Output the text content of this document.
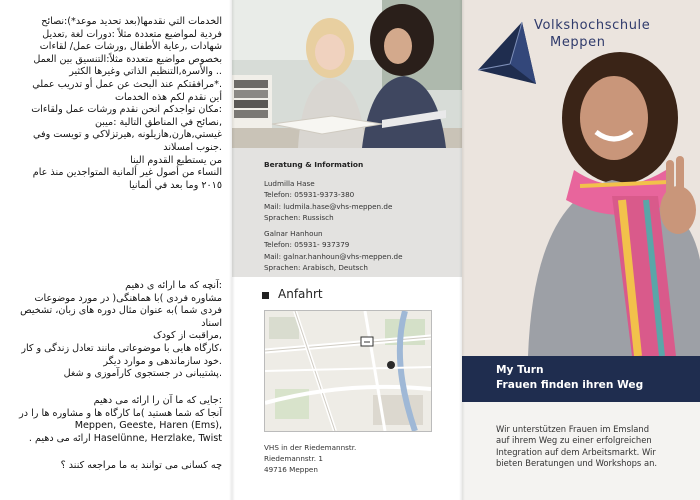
الخدمات التي نقدمها(بعد تحديد موعد*):نصائح
فردية لمواضيع متعددة مثلاً :دورات لغة ,تعديل
شهادات ,رعاية الأطفال ,ورشات عمل/ لقاءات
بخصوص مواضيع متعددة مثلاً:التنسيق بين العمل
.. والأسرة,التنظيم الذاتي وغيرها الكثير
.*مرافقتكم عند البحث عن عمل أو تدريب عملي
أين نقدم لكم هذه الخدمات
:مكان تواجدكم انحن نقدم ورشات عمل ولقاءات
,نصائح في المناطق التالية :ميبن
غيستي,هارن,هازيلونه ,هيرتزلاكي و تويست وفي
.جنوب امسلاند
من يستطيع القدوم الينا
النساء من أصول غير ألمانية المتواجدين منذ عام
٢٠١٥ وما بعد في ألمانيا
:آنچه که ما ارائه ی دهیم
مشاوره فردی )با هماهنگی( در مورد موضوعات
فردی شما )به عنوان مثال دوره های زبان، تشخیص
اسناد
,مراقبت از کودک
،کارگاه هایی با موضوعاتی مانند تعادل زندگی و کار
.خود سازماندهی و موارد دیگر
.پشتیبانی در جستجوی کارآموزی و شغل
:جایی که ما آن را ارائه می دهیم
آنجا که شما هستید )ما کارگاه ها و مشاوره ها را در
Meppen, Geeste, Haren (Ems),
Haselünne, Herzlake, Twist ارائه می دهیم .
چه کسانی می توانند به ما مراجعه کنند ؟
Beratung & Information
Ludmilla Hase
Telefon: 05931-9373-380
Mail: ludmila.hase@vhs-meppen.de
Sprachen: Russisch
Galnar Hanhoun
Telefon: 05931- 937379
Mail: galnar.hanhoun@vhs-meppen.de
Sprachen: Arabisch, Deutsch
Anfahrt
VHS in der Riedemannstr.
Riedemannstr. 1
49716 Meppen
Volkshochschule
Meppen
My Turn
Frauen finden ihren Weg
Wir unterstützen Frauen im Emsland
auf ihrem Weg zu einer erfolgreichen
Integration auf dem Arbeitsmarkt. Wir
bieten Beratungen und Workshops an.
